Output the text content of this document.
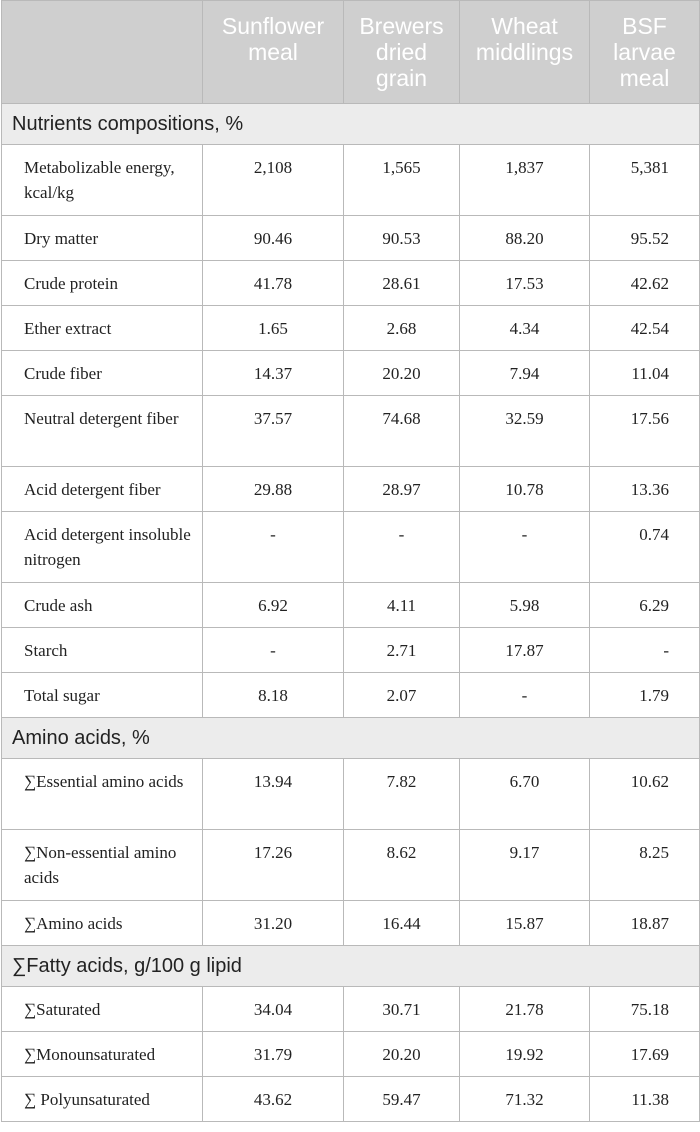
	Sunflower meal	Brewers dried grain	Wheat middlings	BSF larvae meal
Nutrients compositions, %				
Metabolizable energy, kcal/kg	2,108	1,565	1,837	5,381
Dry matter	90.46	90.53	88.20	95.52
Crude protein	41.78	28.61	17.53	42.62
Ether extract	1.65	2.68	4.34	42.54
Crude fiber	14.37	20.20	7.94	11.04
Neutral detergent fiber	37.57	74.68	32.59	17.56
Acid detergent fiber	29.88	28.97	10.78	13.36
Acid detergent insoluble nitrogen	-	-	-	0.74
Crude ash	6.92	4.11	5.98	6.29
Starch	-	2.71	17.87	-
Total sugar	8.18	2.07	-	1.79
Amino acids, %				
∑Essential amino acids	13.94	7.82	6.70	10.62
∑Non-essential amino acids	17.26	8.62	9.17	8.25
∑Amino acids	31.20	16.44	15.87	18.87
∑Fatty acids, g/100 g lipid				
∑Saturated	34.04	30.71	21.78	75.18
∑Monounsaturated	31.79	20.20	19.92	17.69
∑ Polyunsaturated	43.62	59.47	71.32	11.38
